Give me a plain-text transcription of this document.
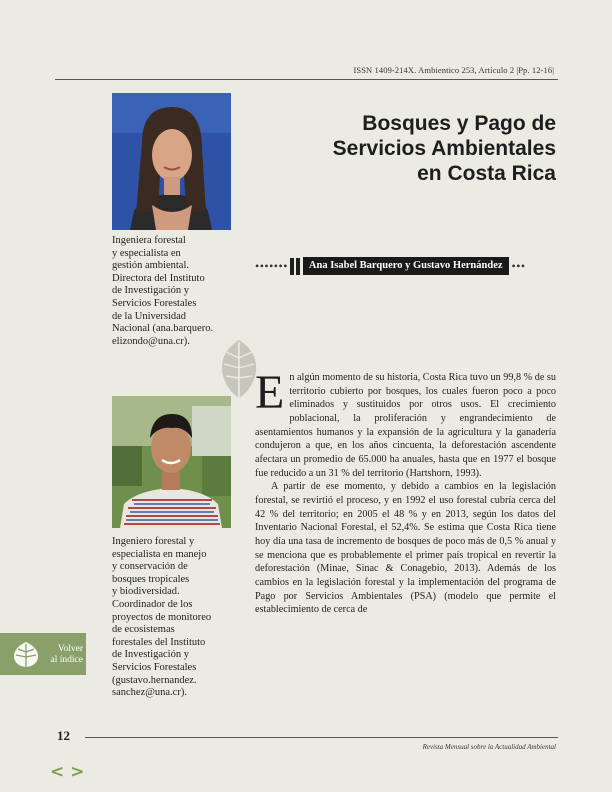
ISSN 1409-214X. Ambientico 253, Artículo 2 |Pp. 12-16|
Ingeniera forestal
y especialista en
gestión ambiental.
Directora del Instituto
de Investigación y
Servicios Forestales
de la Universidad
Nacional (ana.barquero.
elizondo@una.cr).
Bosques y Pago de
Servicios Ambientales
en Costa Rica
•••••••	Ana Isabel Barquero y Gustavo Hernández •••
Ingeniero forestal y
especialista en manejo
y conservación de
bosques tropicales
y biodiversidad.
Coordinador de los
proyectos de monitoreo
de ecosistemas
forestales del Instituto
de Investigación y
Servicios Forestales
(gustavo.hernandez.
sanchez@una.cr).

En algún momento de su historia, Costa Rica tuvo un 99,8 % de su territorio cubierto por bosques, los cuales fueron poco a poco eliminados y sustituidos por otros usos. El crecimiento poblacional, la proliferación y engrandecimiento de asentamientos humanos y la expansión de la agricultura y la ganadería condujeron a que, en los años cincuenta, la deforestación ascendente afectara un promedio de 65.000 ha anuales, hasta que en 1977 el bosque fue reducido a un 31 % del territorio (Hartshorn, 1993).

A partir de ese momento, y debido a cambios en la legislación forestal, se revirtió el proceso, y en 1992 el uso forestal cubría cerca del 42 % del territorio; en 2005 el 48 % y en 2013, según los datos del Inventario Nacional Forestal, el 52,4%. Se estima que Costa Rica tiene hoy día una tasa de incremento de bosques de poco más de 0,5 % anual y se menciona que es probablemente el primer país tropical en revertir la deforestación (Minae, Sinac & Conagebio, 2013). Además de los cambios en la legislación forestal y la implementación del programa de Pago por Servicios Ambientales (PSA) (modelo que permite el establecimiento de cerca de

Volver
al índice
12
Revista Mensual sobre la Actualidad Ambiental
< >
